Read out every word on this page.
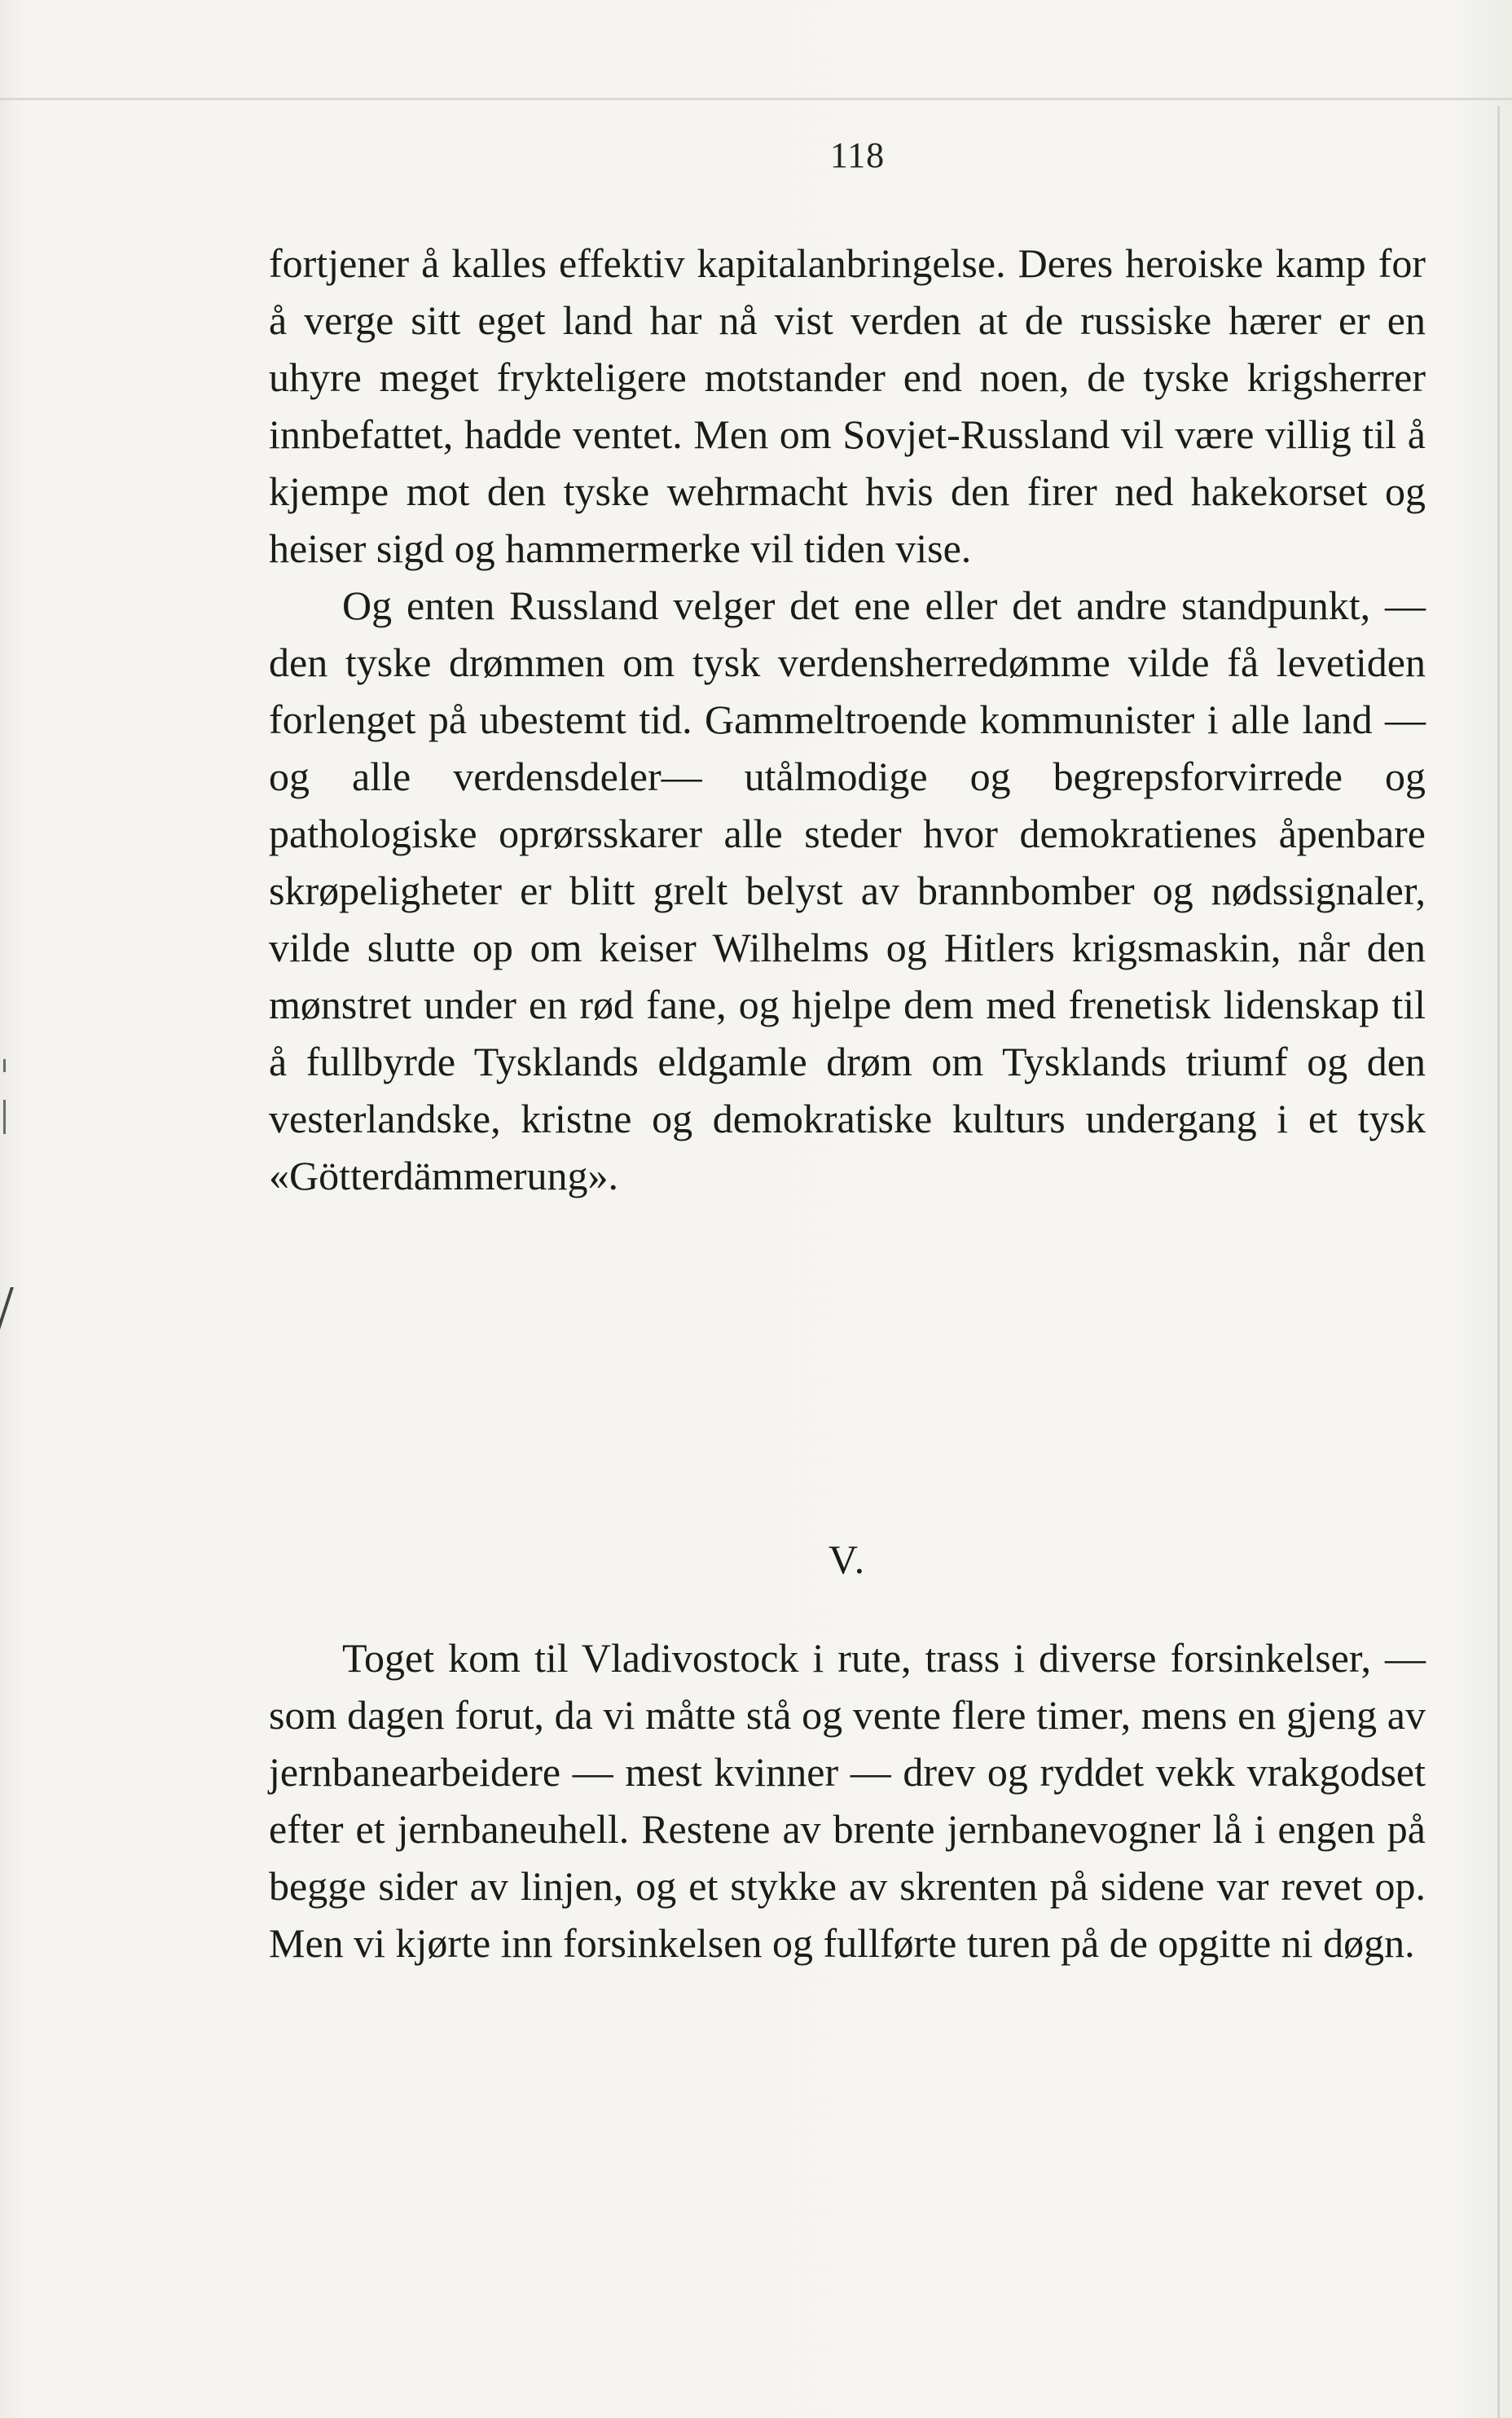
118

fortjener å kalles effektiv kapitalanbringelse. Deres heroiske kamp for å verge sitt eget land har nå vist verden at de russiske hærer er en uhyre meget fryktеligere motstander end noen, de tyske krigsherrer innbefattet, hadde ventet. Men om Sovjet-Russland vil være villig til å kjempe mot den tyske wehrmacht hvis den firer ned hakekorset og heiser sigd og hammermerke vil tiden vise.

Og enten Russland velger det ene eller det andre standpunkt, — den tyske drømmen om tysk verdensherredømme vilde få levetiden forlenget på ubestemt tid. Gammeltroende kommunister i alle land — og alle verdensdeler— utålmodige og begrepsforvirrede og pathologiske oprørsskarer alle steder hvor demokratienes åpenbare skrøpeligheter er blitt grelt belyst av brannbomber og nødssignaler, vilde slutte op om keiser Wilhelms og Hitlers krigsmaskin, når den mønstret under en rød fane, og hjelpe dem med frenetisk lidenskap til å fullbyrde Tysklands eldgamle drøm om Tysklands triumf og den vesterlandske, kristne og demokratiske kulturs undergang i et tysk «Götterdämmerung».

V.

Toget kom til Vladivostock i rute, trass i diverse forsinkelser, — som dagen forut, da vi måtte stå og vente flere timer, mens en gjeng av jernbanearbeidere — mest kvinner — drev og ryddet vekk vrakgodset efter et jernbaneuhell. Restene av brente jernbanevogner lå i engen på begge sider av linjen, og et stykke av skrenten på sidene var revet op. Men vi kjørte inn forsinkelsen og fullførte turen på de opgitte ni døgn.
